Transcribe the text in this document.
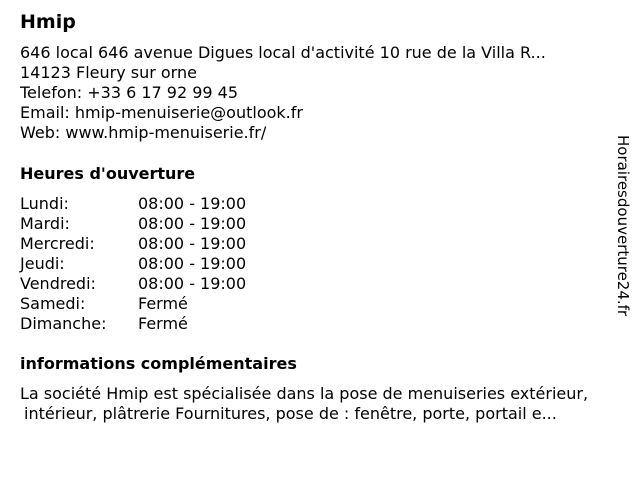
Hmip
646 local 646 avenue Digues local d'activité 10 rue de la Villa R...
14123 Fleury sur orne
Telefon: +33 6 17 92 99 45
Email: hmip-menuiserie@outlook.fr
Web: www.hmip-menuiserie.fr/
Heures d'ouverture
Lundi:	08:00 - 19:00
Mardi:	08:00 - 19:00
Mercredi:	08:00 - 19:00
Jeudi:	08:00 - 19:00
Vendredi:	08:00 - 19:00
Samedi:	Fermé
Dimanche:	Fermé
informations complémentaires
La société Hmip est spécialisée dans la pose de menuiseries extérieur,
intérieur, plâtrerie Fournitures, pose de : fenêtre, porte, portail e...
Horairesdouverture24.fr
